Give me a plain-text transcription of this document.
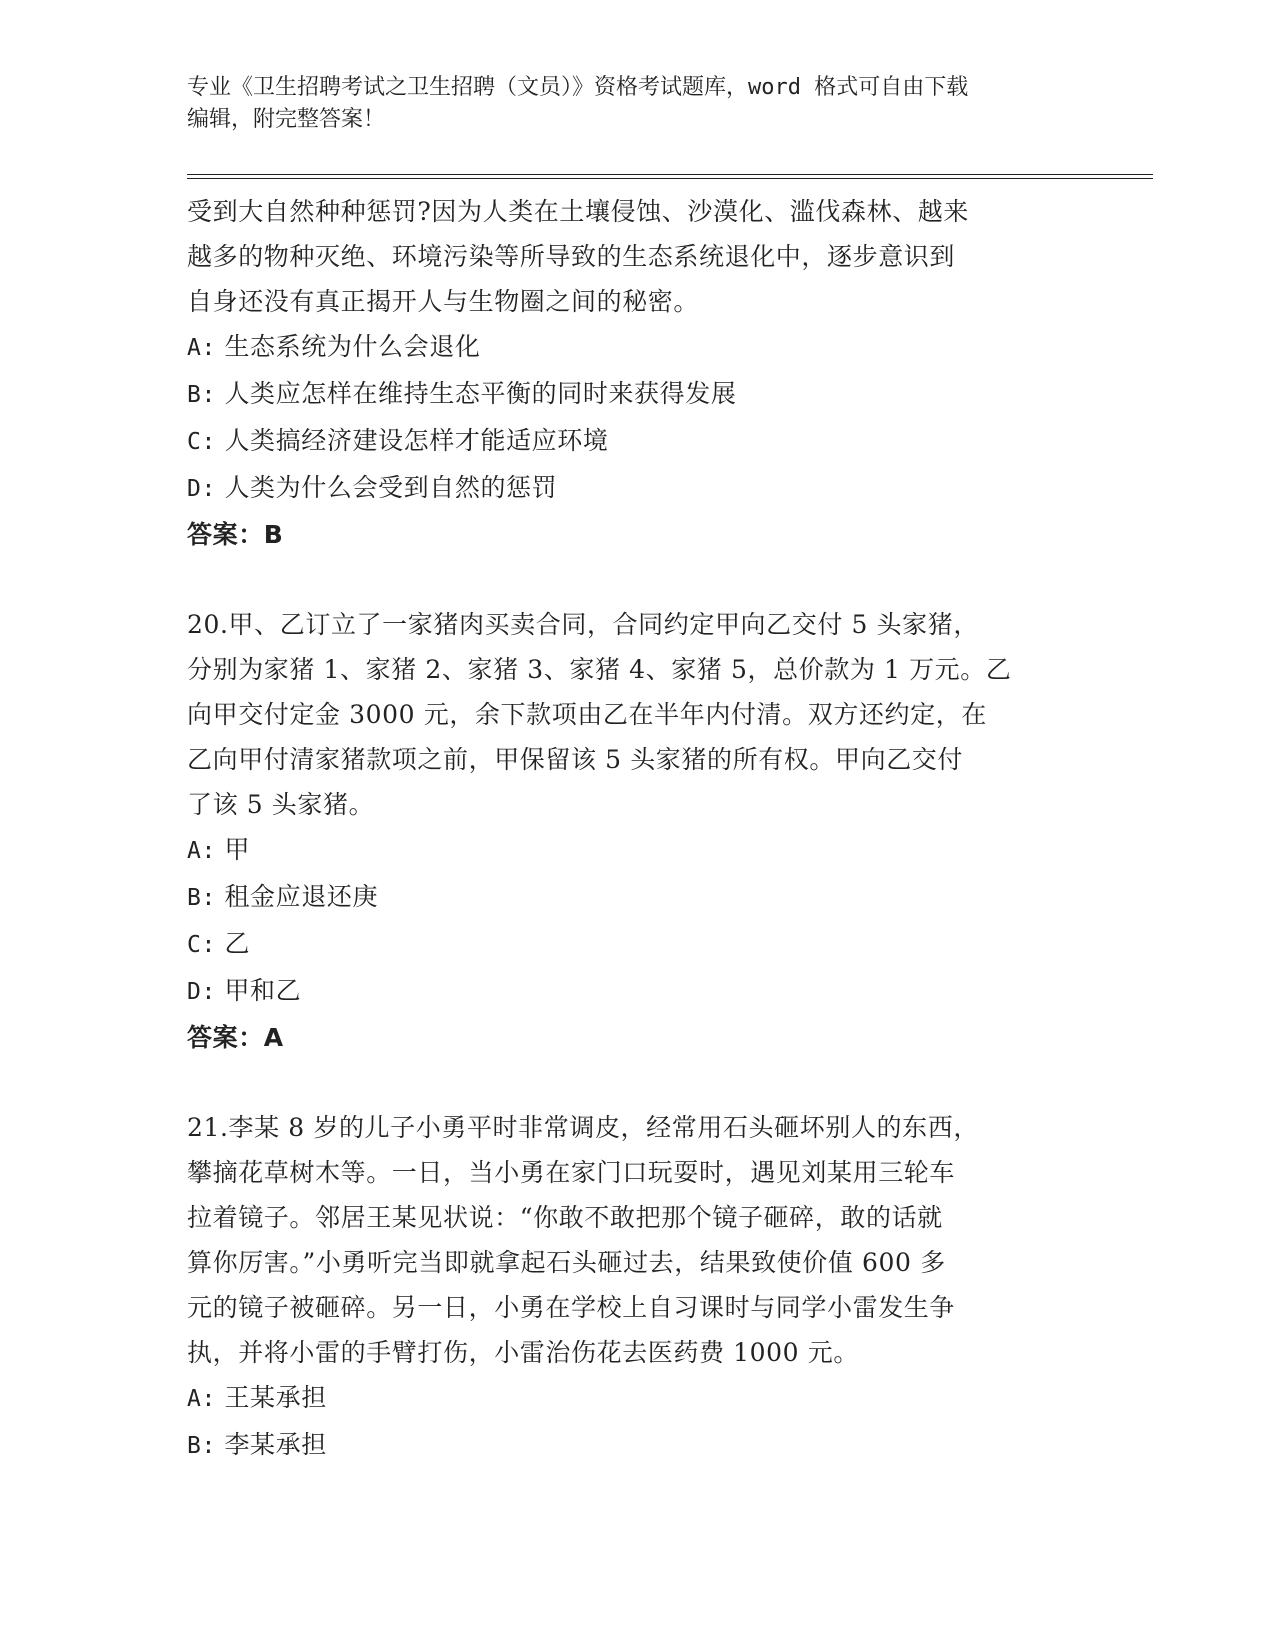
专业《卫生招聘考试之卫生招聘（文员）》资格考试题库，word 格式可自由下载
编辑，附完整答案！

受到大自然种种惩罚?因为人类在土壤侵蚀、沙漠化、滥伐森林、越来

越多的物种灭绝、环境污染等所导致的生态系统退化中，逐步意识到

自身还没有真正揭开人与生物圈之间的秘密。

A: 生态系统为什么会退化

B: 人类应怎样在维持生态平衡的同时来获得发展

C: 人类搞经济建设怎样才能适应环境

D: 人类为什么会受到自然的惩罚

答案：B

20.甲、乙订立了一家猪肉买卖合同，合同约定甲向乙交付 5 头家猪，

分别为家猪 1、家猪 2、家猪 3、家猪 4、家猪 5，总价款为 1 万元。乙

向甲交付定金 3000 元，余下款项由乙在半年内付清。双方还约定，在

乙向甲付清家猪款项之前，甲保留该 5 头家猪的所有权。甲向乙交付

了该 5 头家猪。

A: 甲

B: 租金应退还庚

C: 乙

D: 甲和乙

答案：A

21.李某 8 岁的儿子小勇平时非常调皮，经常用石头砸坏别人的东西，

攀摘花草树木等。一日，当小勇在家门口玩耍时，遇见刘某用三轮车

拉着镜子。邻居王某见状说：“你敢不敢把那个镜子砸碎，敢的话就

算你厉害。”小勇听完当即就拿起石头砸过去，结果致使价值 600 多

元的镜子被砸碎。另一日，小勇在学校上自习课时与同学小雷发生争

执，并将小雷的手臂打伤，小雷治伤花去医药费 1000 元。

A: 王某承担

B: 李某承担
